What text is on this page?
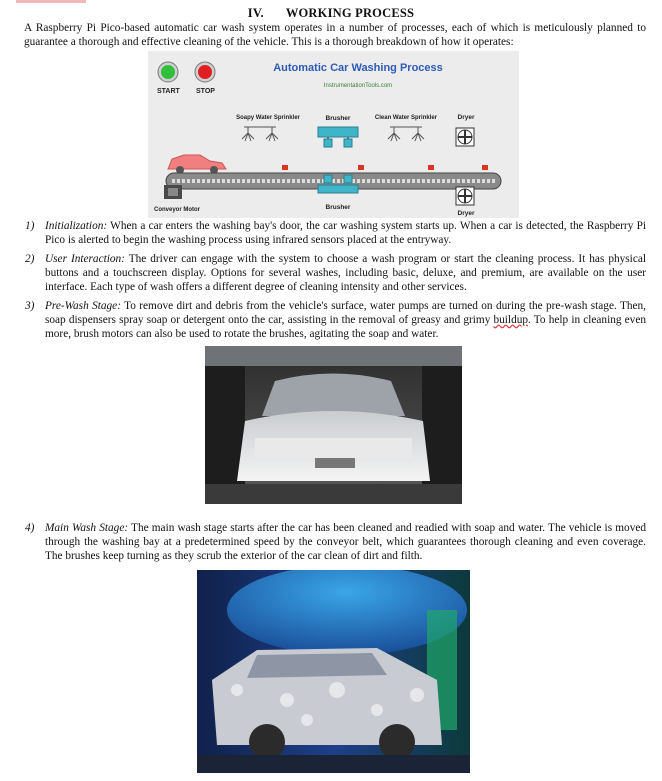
IV. WORKING PROCESS
A Raspberry Pi Pico-based automatic car wash system operates in a number of processes, each of which is meticulously planned to guarantee a thorough and effective cleaning of the vehicle. This is a thorough breakdown of how it operates:
START STOP
Automatic Car Washing Process
InstrumentationTools.com
Soapy Water Sprinkler	Brusher	Clean Water Sprinkler	Dryer
Conveyor Motor	Brusher
Dryer
1) Initialization: When a car enters the washing bay's door, the car washing system starts up. When a car is detected, the Raspberry Pi Pico is alerted to begin the washing process using infrared sensors placed at the entryway.
2) User Interaction: The driver can engage with the system to choose a wash program or start the cleaning process. It has physical buttons and a touchscreen display. Options for several washes, including basic, deluxe, and premium, are available on the user interface. Each type of wash offers a different degree of cleaning intensity and other services.
3) Pre-Wash Stage: To remove dirt and debris from the vehicle's surface, water pumps are turned on during the pre-wash stage. Then, soap dispensers spray soap or detergent onto the car, assisting in the removal of greasy and grimy buildup. To help in cleaning even more, brush motors can also be used to rotate the brushes, agitating the soap and water.
4) Main Wash Stage: The main wash stage starts after the car has been cleaned and readied with soap and water. The vehicle is moved through the washing bay at a predetermined speed by the conveyor belt, which guarantees thorough cleaning and even coverage. The brushes keep turning as they scrub the exterior of the car clean of dirt and filth.
